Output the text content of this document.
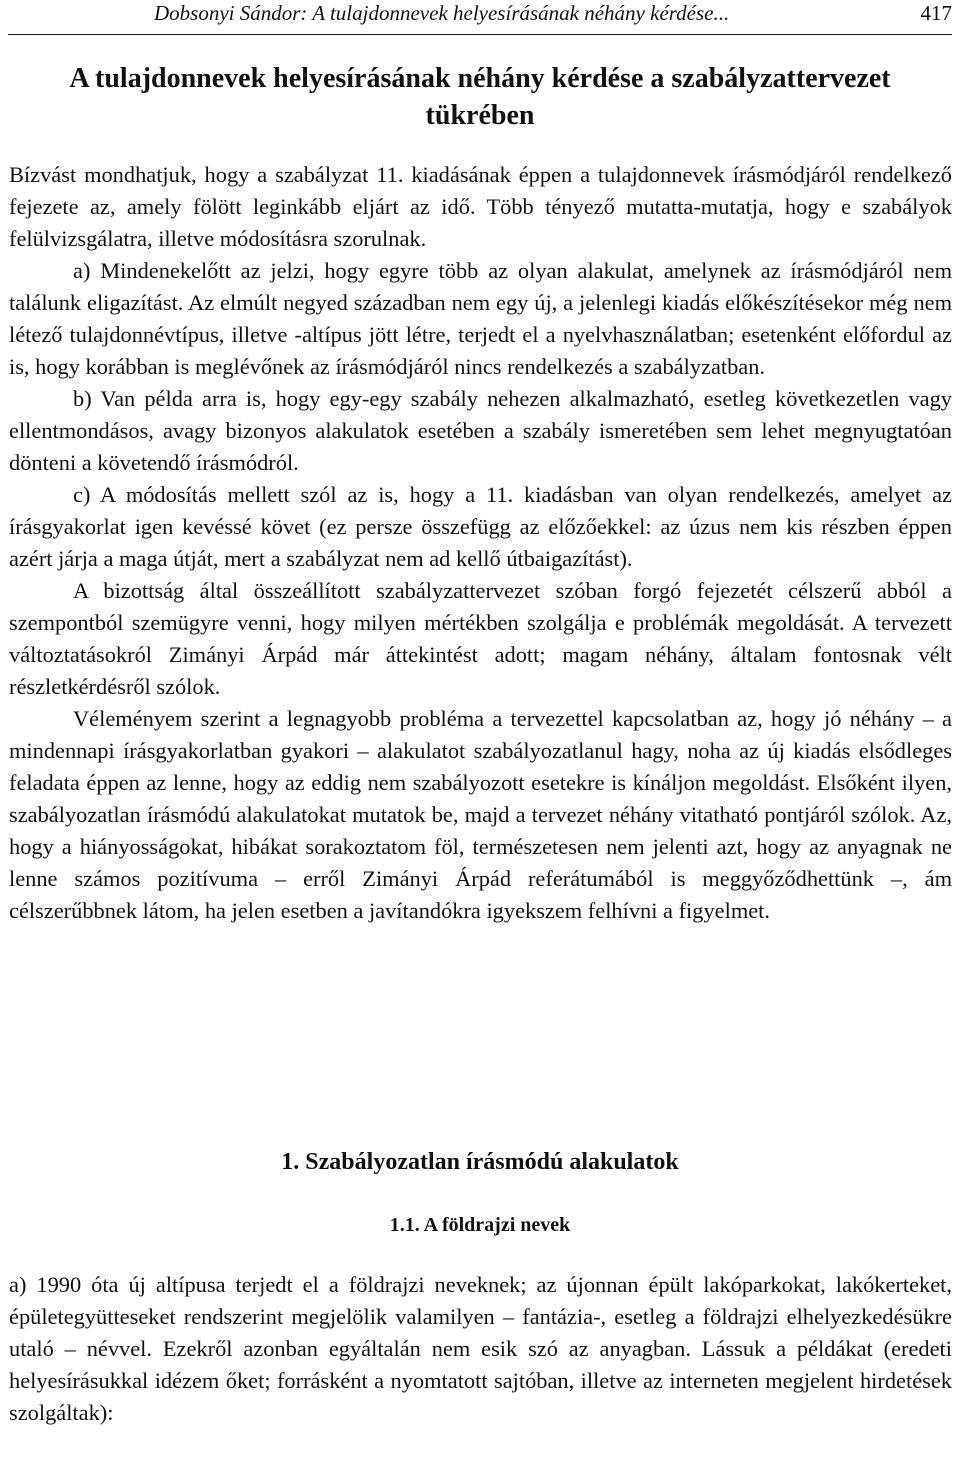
Dobsonyi Sándor: A tulajdonnevek helyesírásának néhány kérdése...	417
A tulajdonnevek helyesírásának néhány kérdése a szabályzattervezet
tükrében

Bízvást mondhatjuk, hogy a szabályzat 11. kiadásának éppen a tulajdonnevek írásmódjáról rendelkező fejezete az, amely fölött leginkább eljárt az idő. Több tényező mutatta-mutatja, hogy e szabályok felülvizsgálatra, illetve módosításra szorulnak.

a) Mindenekelőtt az jelzi, hogy egyre több az olyan alakulat, amelynek az írásmódjáról nem találunk eligazítást. Az elmúlt negyed században nem egy új, a jelenlegi kiadás előkészítésekor még nem létező tulajdonnévtípus, illetve -altípus jött létre, terjedt el a nyelvhasználatban; esetenként előfordul az is, hogy korábban is meglévőnek az írásmódjáról nincs rendelkezés a szabályzatban.

b) Van példa arra is, hogy egy-egy szabály nehezen alkalmazható, esetleg következetlen vagy ellentmondásos, avagy bizonyos alakulatok esetében a szabály ismeretében sem lehet megnyugtatóan dönteni a követendő írásmódról.

c) A módosítás mellett szól az is, hogy a 11. kiadásban van olyan rendelkezés, amelyet az írásgyakorlat igen kevéssé követ (ez persze összefügg az előzőekkel: az úzus nem kis részben éppen azért járja a maga útját, mert a szabályzat nem ad kellő útbaigazítást).

A bizottság által összeállított szabályzattervezet szóban forgó fejezetét célszerű abból a szempontból szemügyre venni, hogy milyen mértékben szolgálja e problémák megoldását. A tervezett változtatásokról Zimányi Árpád már áttekintést adott; magam néhány, általam fontosnak vélt részletkérdésről szólok.

Véleményem szerint a legnagyobb probléma a tervezettel kapcsolatban az, hogy jó néhány – a mindennapi írásgyakorlatban gyakori – alakulatot szabályozatlanul hagy, noha az új kiadás elsődleges feladata éppen az lenne, hogy az eddig nem szabályozott esetekre is kínáljon megoldást. Elsőként ilyen, szabályozatlan írásmódú alakulatokat mutatok be, majd a tervezet néhány vitatható pontjáról szólok. Az, hogy a hiányosságokat, hibákat sorakoztatom föl, természetesen nem jelenti azt, hogy az anyagnak ne lenne számos pozitívuma – erről Zimányi Árpád referátumából is meggyőződhettünk –, ám célszerűbbnek látom, ha jelen esetben a javítandókra igyekszem felhívni a figyelmet.

1. Szabályozatlan írásmódú alakulatok
1.1. A földrajzi nevek

a) 1990 óta új altípusa terjedt el a földrajzi neveknek; az újonnan épült lakóparkokat, lakókerteket, épületegyütteseket rendszerint megjelölik valamilyen – fantázia-, esetleg a földrajzi elhelyezkedésükre utaló – névvel. Ezekről azonban egyáltalán nem esik szó az anyagban. Lássuk a példákat (eredeti helyesírásukkal idézem őket; forrásként a nyomtatott sajtóban, illetve az interneten megjelent hirdetések szolgáltak):
